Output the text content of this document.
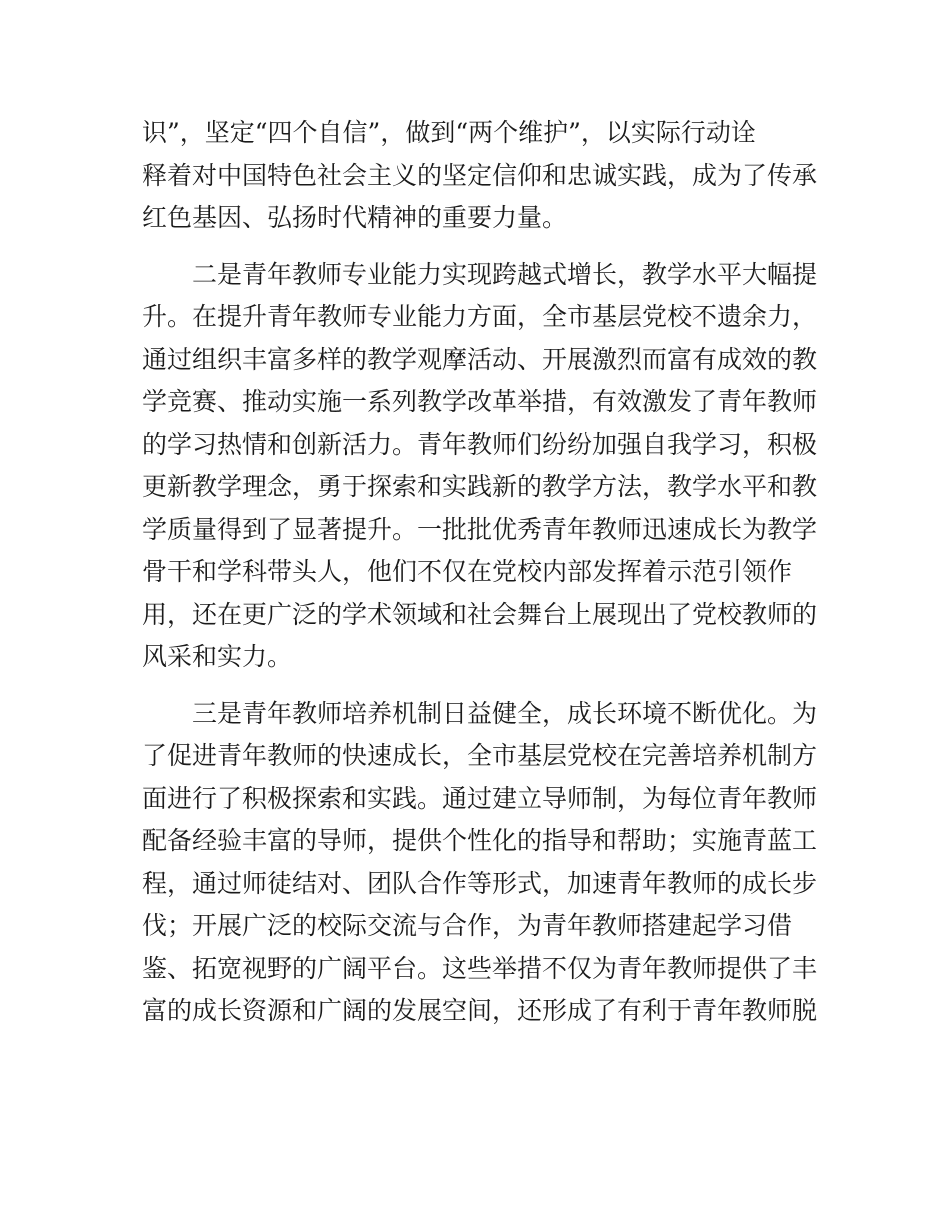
识”，坚定“四个自信”，做到“两个维护”，以实际行动诠
释着对中国特色社会主义的坚定信仰和忠诚实践，成为了传承
红色基因、弘扬时代精神的重要力量。
　　二是青年教师专业能力实现跨越式增长，教学水平大幅提
升。在提升青年教师专业能力方面，全市基层党校不遗余力，
通过组织丰富多样的教学观摩活动、开展激烈而富有成效的教
学竞赛、推动实施一系列教学改革举措，有效激发了青年教师
的学习热情和创新活力。青年教师们纷纷加强自我学习，积极
更新教学理念，勇于探索和实践新的教学方法，教学水平和教
学质量得到了显著提升。一批批优秀青年教师迅速成长为教学
骨干和学科带头人，他们不仅在党校内部发挥着示范引领作
用，还在更广泛的学术领域和社会舞台上展现出了党校教师的
风采和实力。
　　三是青年教师培养机制日益健全，成长环境不断优化。为
了促进青年教师的快速成长，全市基层党校在完善培养机制方
面进行了积极探索和实践。通过建立导师制，为每位青年教师
配备经验丰富的导师，提供个性化的指导和帮助；实施青蓝工
程，通过师徒结对、团队合作等形式，加速青年教师的成长步
伐；开展广泛的校际交流与合作，为青年教师搭建起学习借
鉴、拓宽视野的广阔平台。这些举措不仅为青年教师提供了丰
富的成长资源和广阔的发展空间，还形成了有利于青年教师脱
